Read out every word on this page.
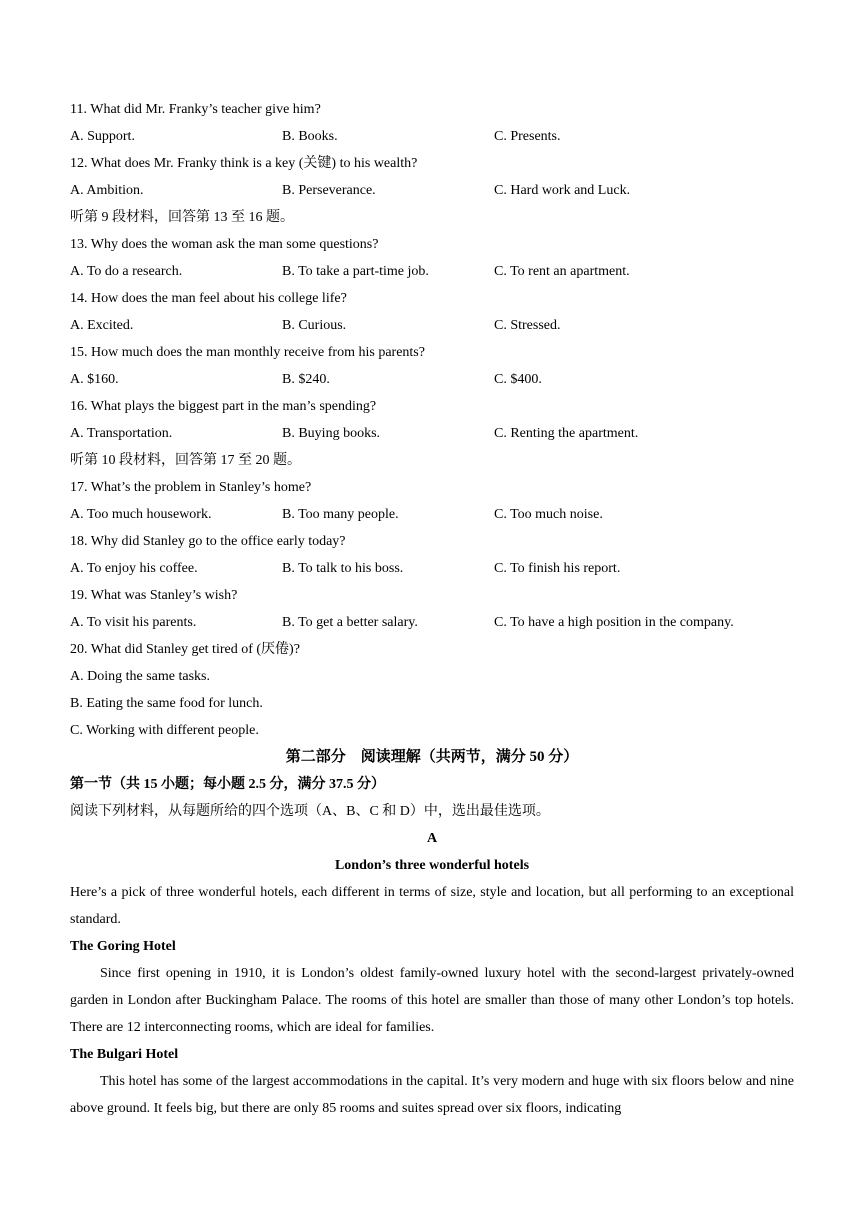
11. What did Mr. Franky’s teacher give him?
A. Support.	B. Books.	C. Presents.
12. What does Mr. Franky think is a key (关键) to his wealth?
A. Ambition.	B. Perseverance.	C. Hard work and Luck.
听第 9 段材料，回答第 13 至 16 题。
13. Why does the woman ask the man some questions?
A. To do a research.	B. To take a part-time job.	C. To rent an apartment.
14. How does the man feel about his college life?
A. Excited.	B. Curious.	C. Stressed.
15. How much does the man monthly receive from his parents?
A. $160.	B. $240.	C. $400.
16. What plays the biggest part in the man’s spending?
A. Transportation.	B. Buying books.	C. Renting the apartment.
听第 10 段材料，回答第 17 至 20 题。
17. What’s the problem in Stanley’s home?
A. Too much housework.	B. Too many people.	C. Too much noise.
18. Why did Stanley go to the office early today?
A. To enjoy his coffee.	B. To talk to his boss.	C. To finish his report.
19. What was Stanley’s wish?
A. To visit his parents.	B. To get a better salary.	C. To have a high position in the company.
20. What did Stanley get tired of (厌倦)?
A. Doing the same tasks.
B. Eating the same food for lunch.
C. Working with different people.
第二部分　阅读理解（共两节，满分 50 分）
第一节（共 15 小题；每小题 2.5 分，满分 37.5 分）
阅读下列材料，从每题所给的四个选项（A、B、C 和 D）中，选出最佳选项。
A
London’s three wonderful hotels
Here’s a pick of three wonderful hotels, each different in terms of size, style and location, but all performing to an exceptional standard.
The Goring Hotel
Since first opening in 1910, it is London’s oldest family-owned luxury hotel with the second-largest privately-owned garden in London after Buckingham Palace. The rooms of this hotel are smaller than those of many other London’s top hotels. There are 12 interconnecting rooms, which are ideal for families.
The Bulgari Hotel
This hotel has some of the largest accommodations in the capital. It’s very modern and huge with six floors below and nine above ground. It feels big, but there are only 85 rooms and suites spread over six floors, indicating
